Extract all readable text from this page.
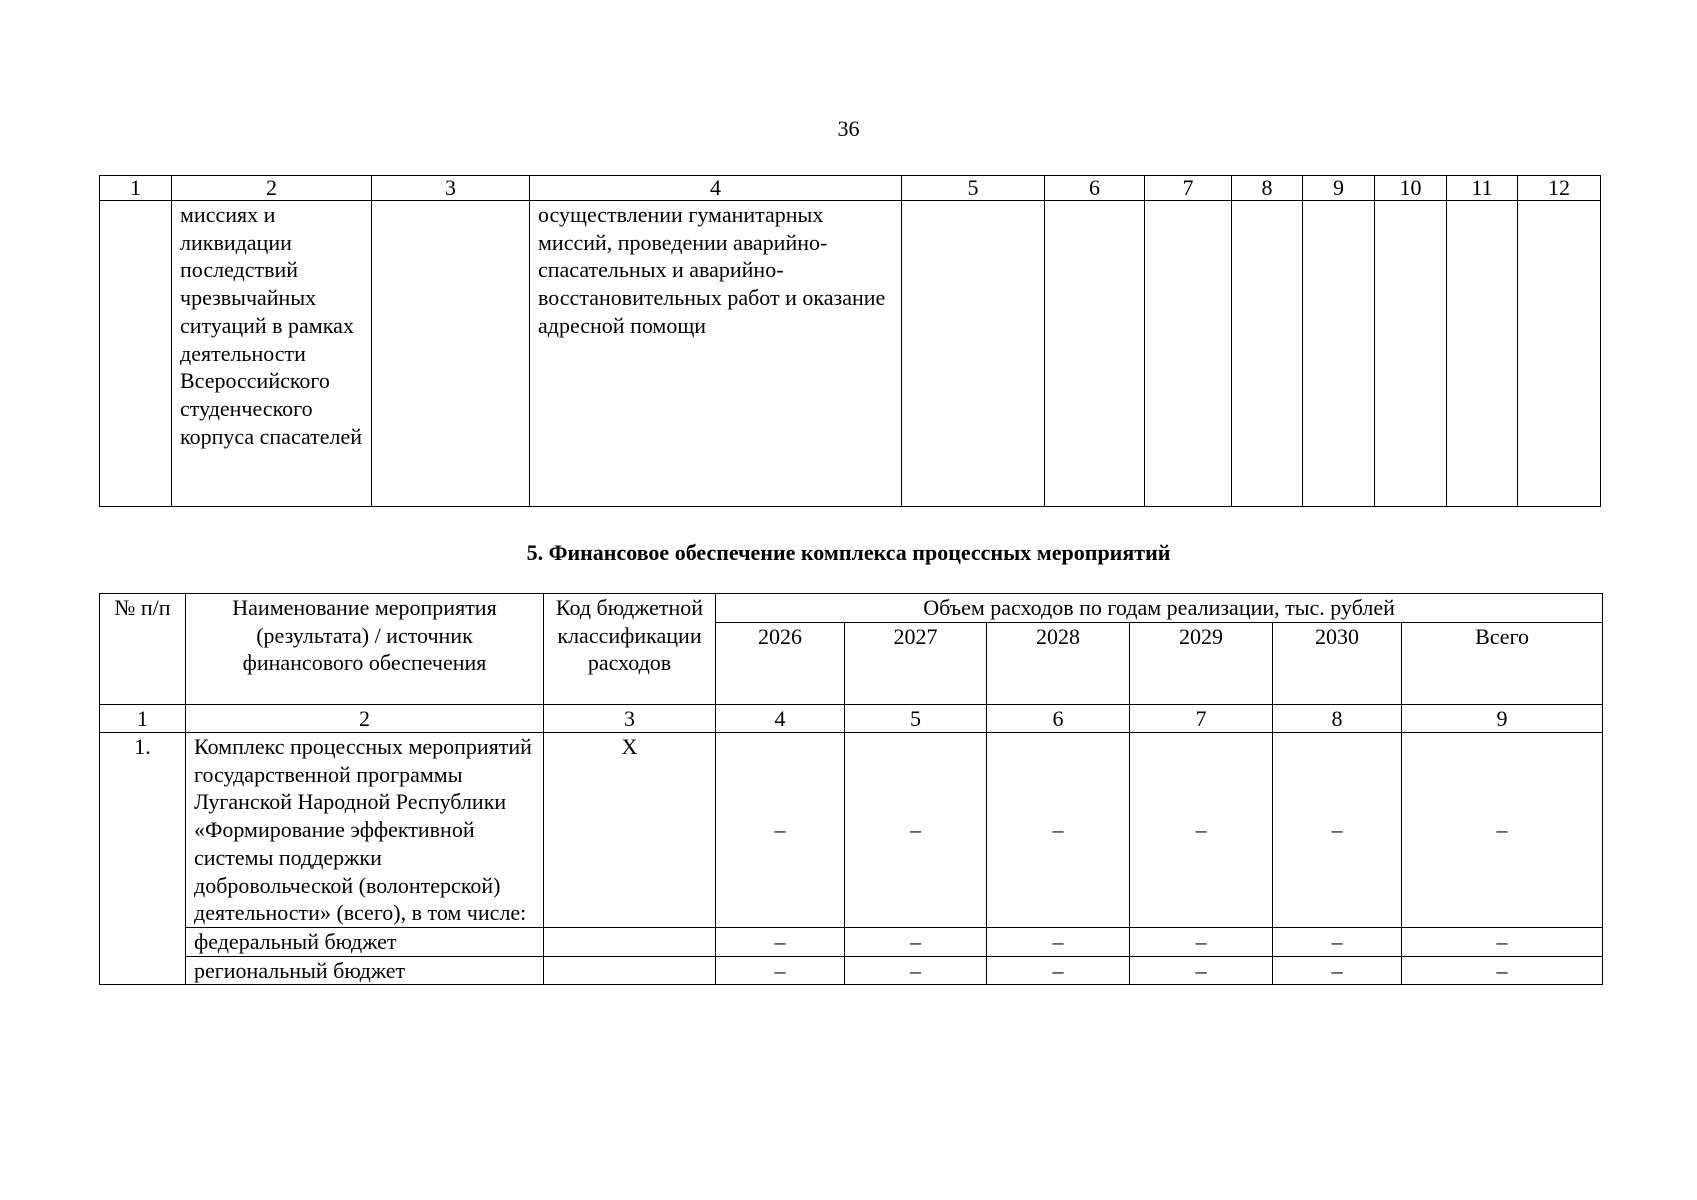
36
1	2	3	4	5	6	7	8	9	10	11	12
	миссиях и ликвидации последствий чрезвычайных ситуаций в рамках деятельности Всероссийского студенческого корпуса спасателей		осуществлении гуманитарных миссий, проведении аварийно-спасательных и аварийно-восстановительных работ и оказание адресной помощи								
5. Финансовое обеспечение комплекса процессных мероприятий
№ п/п	Наименование мероприятия (результата) / источник финансового обеспечения	Код бюджетной классификации расходов	Объем расходов по годам реализации, тыс. рублей					
			2026	2027	2028	2029	2030	Всего
1	2	3	4	5	6	7	8	9
1.	Комплекс процессных мероприятий государственной программы Луганской Народной Республики «Формирование эффективной системы поддержки добровольческой (волонтерской) деятельности» (всего), в том числе:	Х	–	–	–	–	–	–
	федеральный бюджет		–	–	–	–	–	–
	региональный бюджет		–	–	–	–	–	–
